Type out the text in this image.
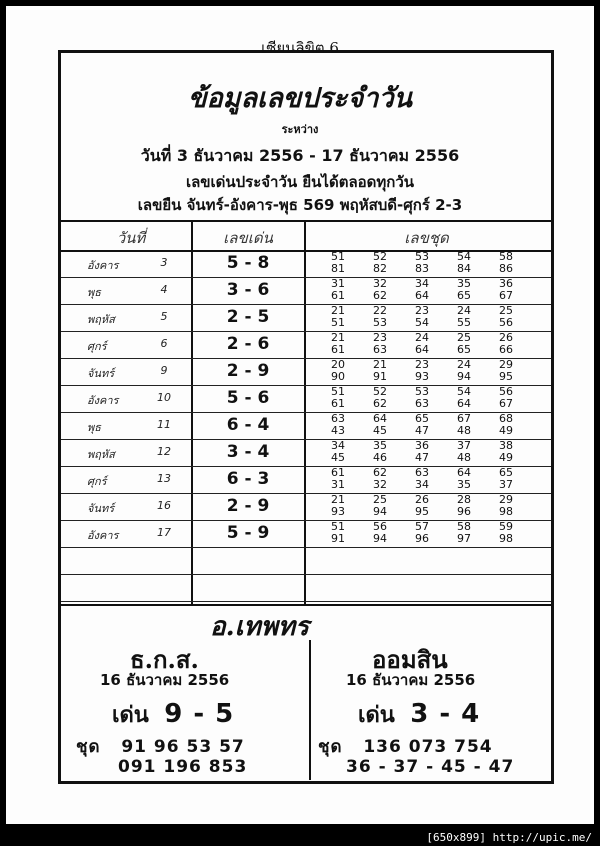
เซียนลิขิต 6
ข้อมูลเลขประจำวัน
ระหว่าง
วันที่ 3 ธันวาคม 2556 - 17 ธันวาคม 2556
เลขเด่นประจำวัน ยืนได้ตลอดทุกวัน
เลขยืน จันทร์-อังคาร-พุธ 569 พฤหัสบดี-ศุกร์ 2-3
วันที่	เลขเด่น	เลขชุด
อังคาร	3	5 - 8	51	52	53	54	58
81	82	83	84	86
พุธ	4	3 - 6	31	32	34	35	36
61	62	64	65	67
พฤหัส	5	2 - 5	21	22	23	24	25
51	53	54	55	56
ศุกร์	6	2 - 6	21	23	24	25	26
61	63	64	65	66
จันทร์	9	2 - 9	20	21	23	24	29
90	91	93	94	95
อังคาร	10	5 - 6	51	52	53	54	56
61	62	63	64	67
พุธ	11	6 - 4	63	64	65	67	68
43	45	47	48	49
พฤหัส	12	3 - 4	34	35	36	37	38
45	46	47	48	49
ศุกร์	13	6 - 3	61	62	63	64	65
31	32	34	35	37
จันทร์	16	2 - 9	21	25	26	28	29
93	94	95	96	98
อังคาร	17	5 - 9	51	56	57	58	59
91	94	96	97	98
อ.เทพทร
ธ.ก.ส.
16 ธันวาคม 2556
เด่น 9 - 5
ชุด 91 96 53 57
091 196 853
ออมสิน
16 ธันวาคม 2556
เด่น 3 - 4
ชุด 136 073 754
36 - 37 - 45 - 47
[650x899] http://upic.me/
